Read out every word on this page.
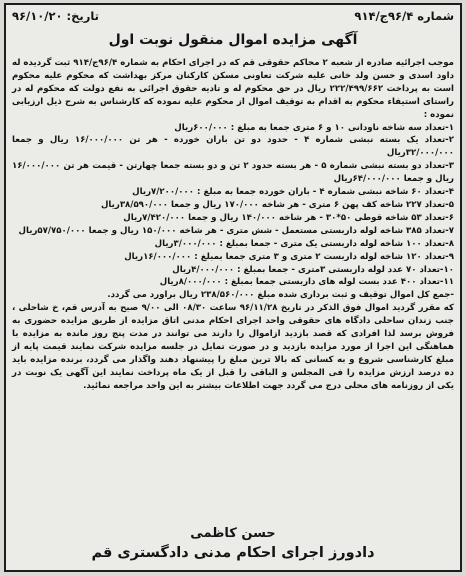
شماره ۹۶/۴ج/۹۱۴
تاریخ: ۹۶/۱۰/۲۰
آگهی مزایده اموال منقول نوبت اول

موجب اجرائیه صادره از شعبه ۲ محاکم حقوقی قم که در اجرای احکام به شماره ۹۶/۴ج/۹۱۴ ثبت گردیده له داود اسدی و حسن ولد خانی علیه شرکت تعاونی مسکن کارکنان مرکز بهداشت که محکوم علیه محکوم است به پرداخت ۲۲۲/۴۹۹/۶۶۲ ریال در حق محکوم له و تادیه حقوق اجرائی به نفع دولت که محکوم له در راستای استیفاء محکوم به اقدام به توقیف اموال از محکوم علیه نموده که کارشناس به شرح ذیل ارزیابی نموده :

۱-تعداد سه شاخه ناودانی ۱۰ و ۶ متری جمعا به مبلغ : ۶۰۰/۰۰۰ریال
۲-تعداد یک بسته نبشی شماره ۴ - حدود دو تن باران خورده - هر تن ۱۶/۰۰۰/۰۰۰ ریال و جمعا ۳۲/۰۰۰/۰۰۰ریال
۳-تعداد دو بسته نبشی شماره ۵ - هر بسته حدود ۲ تن و دو بسته جمعا چهارتن - قیمت هر تن ۱۶/۰۰۰/۰۰۰ ریال و جمعا ۶۴/۰۰۰/۰۰۰ریال
۴-تعداد ۶۰ شاخه نبشی شماره ۴ - باران خورده جمعا به مبلغ : ۷/۲۰۰/۰۰۰ریال
۵-تعداد ۲۲۷ شاخه کف پهن ۶ متری - هر شاخه ۱۷۰/۰۰۰ ریال و جمعا ۳۸/۵۹۰/۰۰۰ریال
۶-تعداد ۵۳ شاخه قوطی ۵۰*۳۰ - هر شاخه ۱۴۰/۰۰۰ ریال و جمعا ۷/۴۲۰/۰۰۰ریال
۷-تعداد ۳۸۵ شاخه لوله داربستی مستعمل - شش متری - هر شاخه ۱۵۰/۰۰۰ ریال و جمعا ۵۷/۷۵۰/۰۰۰ریال
۸-تعداد ۱۰۰ شاخه لوله داربستی یک متری - جمعا بمبلغ : ۳/۰۰۰/۰۰۰ریال
۹-تعداد ۱۲۰ شاخه لوله داربست ۲ متری و ۳ متری جمعا بمبلغ : ۱۶/۰۰۰/۰۰۰ریال
۱۰-تعداد ۷۰ عدد لوله داربستی ۳متری - جمعا بمبلغ : ۴/۰۰۰/۰۰۰ریال
۱۱-تعداد ۴۰۰ عدد بست لوله های داربستی جمعا بمبلغ : ۸/۰۰۰/۰۰۰ریال

-جمع کل اموال توقیف و ثبت برداری شده مبلغ ۲۳۸/۵۶۰/۰۰۰ ریال براورد می گردد.

که مقرر گردید اموال فوق الذکر در تاریخ ۹۶/۱۱/۲۸ ساعت ۰۸/۳۰ الی ۹/۰۰ صبح به آدرس قم، خ شاحلی ، جنب زندان ساحلی دادگاه های حقوقی واحد اجرای احکام مدنی اتاق مزایده از طریق مزایده حضوری به فروش برسد لذا افرادی که قصد بازدید ازاموال را دارند می توانند در مدت پنج روز مانده به مزایده با هماهنگی این اجرا از مورد مزایده بازدید و در صورت تمایل در جلسه مزایده شرکت نمایند قیمت پایه از مبلغ کارشناسی شروع و به کسانی که بالا ترین مبلغ را پیشنهاد دهند واگذار می گردد، برنده مزایده باید ده درصد ارزش مزایده را فی المجلس و الباقی را قبل از یک ماه پرداخت نمایند این آگهی یک نوبت در یکی از روزنامه های محلی درج می گردد جهت اطلاعات بیشتر به این واحد مراجعه نمائید.

حسن کاظمی
دادورز اجرای احکام مدنی دادگستری قم
